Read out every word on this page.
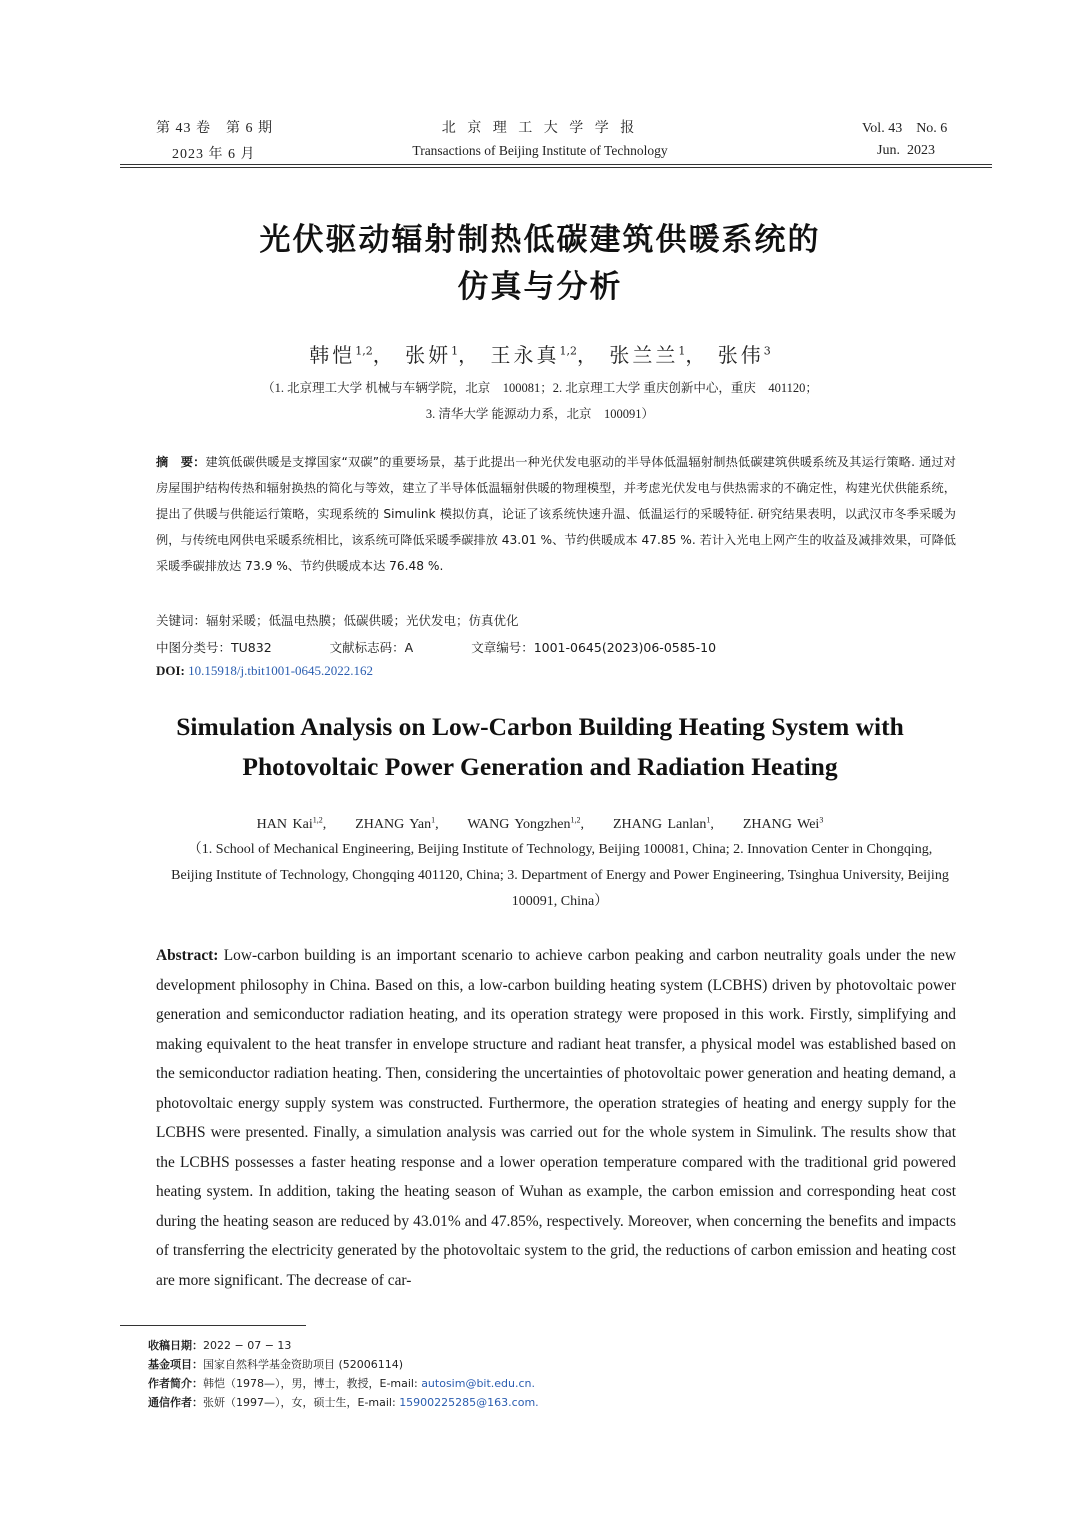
第 43 卷　第 6 期
2023 年 6 月
北 京 理 工 大 学 学 报
Transactions of Beijing Institute of Technology
Vol. 43　No. 6
Jun.  2023
光伏驱动辐射制热低碳建筑供暖系统的
仿真与分析
韩恺$^{1,2}$， 张妍$^1$， 王永真$^{1,2}$， 张兰兰$^1$， 张伟$^3$
（1. 北京理工大学 机械与车辆学院，北京　100081；2. 北京理工大学 重庆创新中心，重庆　401120；
3. 清华大学 能源动力系，北京　100091）
摘　要：建筑低碳供暖是支撑国家“双碳”的重要场景，基于此提出一种光伏发电驱动的半导体低温辐射制热低碳建筑供暖系统及其运行策略. 通过对房屋围护结构传热和辐射换热的简化与等效，建立了半导体低温辐射供暖的物理模型，并考虑光伏发电与供热需求的不确定性，构建光伏供能系统，提出了供暖与供能运行策略，实现系统的 Simulink 模拟仿真，论证了该系统快速升温、低温运行的采暖特征. 研究结果表明，以武汉市冬季采暖为例，与传统电网供电采暖系统相比，该系统可降低采暖季碳排放 43.01 %、节约供暖成本 47.85 %. 若计入光电上网产生的收益及减排效果，可降低采暖季碳排放达 73.9 %、节约供暖成本达 76.48 %.
关键词：辐射采暖；低温电热膜；低碳供暖；光伏发电；仿真优化
中图分类号：TU832	文献标志码：A	文章编号：1001-0645(2023)06-0585-10
DOI: 10.15918/j.tbit1001-0645.2022.162
Simulation Analysis on Low-Carbon Building Heating System with
Photovoltaic Power Generation and Radiation Heating
HAN Kai$^{1,2}$, ZHANG Yan$^1$, WANG Yongzhen$^{1,2}$, ZHANG Lanlan$^1$, ZHANG Wei$^3$
（1. School of Mechanical Engineering, Beijing Institute of Technology, Beijing 100081, China; 2. Innovation Center in Chongqing, Beijing Institute of Technology, Chongqing 401120, China; 3. Department of Energy and Power Engineering, Tsinghua University, Beijing 100091, China）
Abstract: Low-carbon building is an important scenario to achieve carbon peaking and carbon neutrality goals under the new development philosophy in China. Based on this, a low-carbon building heating system (LCBHS) driven by photovoltaic power generation and semiconductor radiation heating, and its operation strategy were proposed in this work. Firstly, simplifying and making equivalent to the heat transfer in envelope structure and radiant heat transfer, a physical model was established based on the semiconductor radiation heating. Then, considering the uncertainties of photovoltaic power generation and heating demand, a photovoltaic energy supply system was constructed. Furthermore, the operation strategies of heating and energy supply for the LCBHS were presented. Finally, a simulation analysis was carried out for the whole system in Simulink. The results show that the LCBHS possesses a faster heating response and a lower operation temperature compared with the traditional grid powered heating system. In addition, taking the heating season of Wuhan as example, the carbon emission and corresponding heat cost during the heating season are reduced by 43.01% and 47.85%, respectively. Moreover, when concerning the benefits and impacts of transferring the electricity generated by the photovoltaic system to the grid, the reductions of carbon emission and heating cost are more significant. The decrease of car-
收稿日期：2022 − 07 − 13
基金项目：国家自然科学基金资助项目 (52006114)
作者简介：韩恺（1978—），男，博士，教授，E-mail: autosim@bit.edu.cn.
通信作者：张妍（1997—），女，硕士生，E-mail: 15900225285@163.com.
